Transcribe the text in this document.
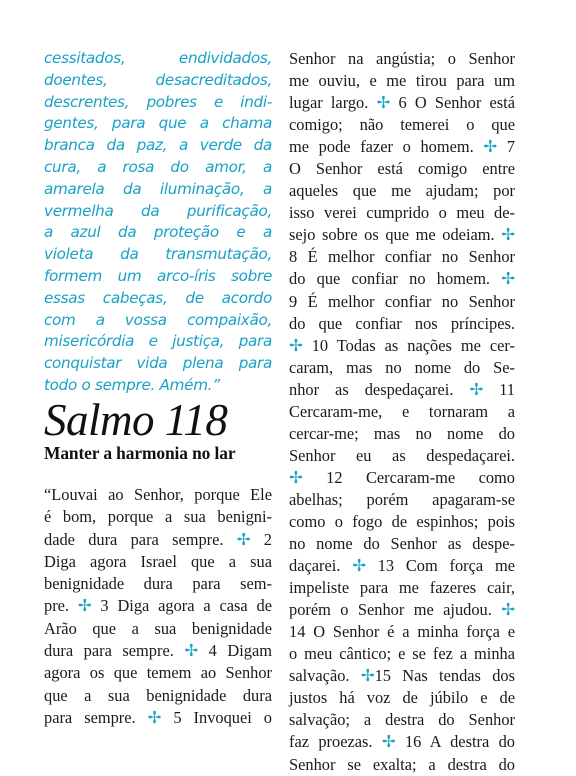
cessitados, endividados,
doentes, desacreditados,
descrentes, pobres e indi-
gentes, para que a chama
branca da paz, a verde da
cura, a rosa do amor, a
amarela da iluminação, a
vermelha da purificação,
a azul da proteção e a
violeta da transmutação,
formem um arco-íris sobre
essas cabeças, de acordo
com a vossa compaixão,
misericórdia e justiça, para
conquistar vida plena para
todo o sempre. Amém.”
Salmo 118
Manter a harmonia no lar
“Louvai ao Senhor, porque Ele
é bom, porque a sua benigni-
dade dura para sempre. ✢ 2
Diga agora Israel que a sua
benignidade dura para sem-
pre. ✢ 3 Diga agora a casa de
Arão que a sua benignidade
dura para sempre. ✢ 4 Digam
agora os que temem ao Senhor
que a sua benignidade dura
para sempre. ✢ 5 Invoquei o
Senhor na angústia; o Senhor
me ouviu, e me tirou para um
lugar largo. ✢ 6 O Senhor está
comigo; não temerei o que
me pode fazer o homem. ✢ 7
O Senhor está comigo entre
aqueles que me ajudam; por
isso verei cumprido o meu de-
sejo sobre os que me odeiam. ✢
8 É melhor confiar no Senhor
do que confiar no homem. ✢
9 É melhor confiar no Senhor
do que confiar nos príncipes.
✢ 10 Todas as nações me cer-
caram, mas no nome do Se-
nhor as despedaçarei. ✢ 11
Cercaram-me, e tornaram a
cercar-me; mas no nome do
Senhor eu as despedaçarei.
✢ 12 Cercaram-me como
abelhas; porém apagaram-se
como o fogo de espinhos; pois
no nome do Senhor as despe-
daçarei. ✢ 13 Com força me
impeliste para me fazeres cair,
porém o Senhor me ajudou. ✢
14 O Senhor é a minha força e
o meu cântico; e se fez a minha
salvação. ✢15 Nas tendas dos
justos há voz de júbilo e de
salvação; a destra do Senhor
faz proezas. ✢ 16 A destra do
Senhor se exalta; a destra do
